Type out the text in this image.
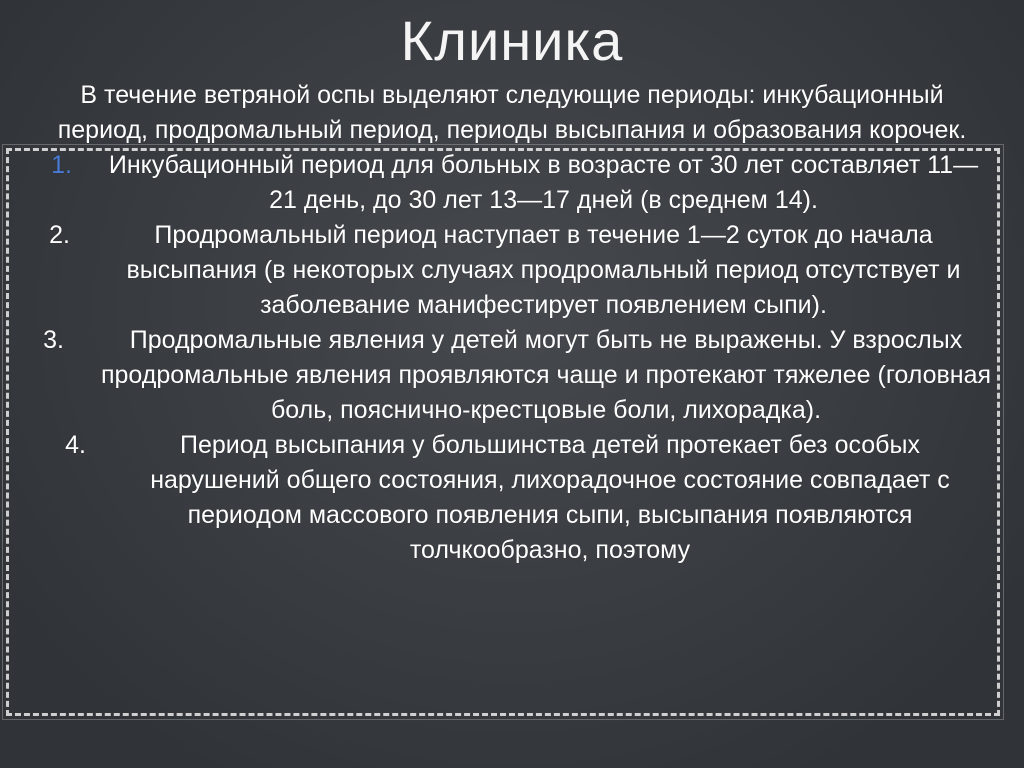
Клиника
В течение ветряной оспы выделяют следующие периоды: инкубационный период, продромальный период, периоды высыпания и образования корочек.
1.	Инкубационный период для больных в возрасте от 30 лет составляет 11—21 день, до 30 лет 13—17 дней (в среднем 14).
2.	Продромальный период наступает в течение 1—2 суток до начала высыпания (в некоторых случаях продромальный период отсутствует и заболевание манифестирует появлением сыпи).
3.	Продромальные явления у детей могут быть не выражены. У взрослых продромальные явления проявляются чаще и протекают тяжелее (головная боль, пояснично-крестцовые боли, лихорадка).
4.	Период высыпания у большинства детей протекает без особых нарушений общего состояния, лихорадочное состояние совпадает с периодом массового появления сыпи, высыпания появляются толчкообразно, поэтому
